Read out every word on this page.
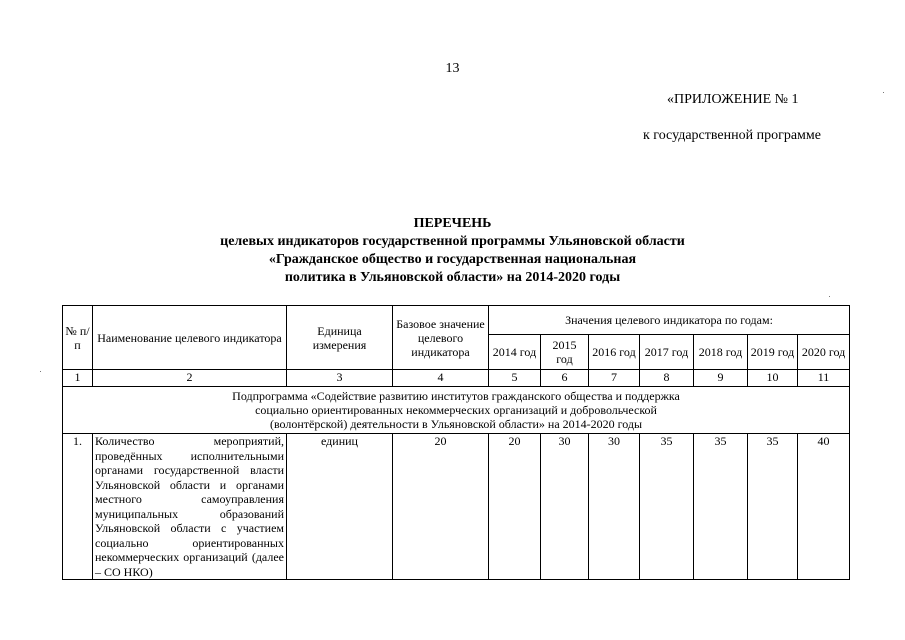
13
«ПРИЛОЖЕНИЕ № 1
к государственной программе
ПЕРЕЧЕНЬ
целевых индикаторов государственной программы Ульяновской области
«Гражданское общество и государственная национальная
политика в Ульяновской области» на 2014-2020 годы
№ п/п	Наименование целевого индикатора	Единица измерения	Базовое значение целевого индикатора	Значения целевого индикатора по годам:						
				2014 год	2015 год	2016 год	2017 год	2018 год	2019 год	2020 год
1	2	3	4	5	6	7	8	9	10	11

Подпрограмма «Содействие развитию институтов гражданского общества и поддержка
социально ориентированных некоммерческих организаций и добровольческой
(волонтёрской) деятельности в Ульяновской области» на 2014-2020 годы										

1.	Количество мероприятий, проведённых исполнительными органами государственной власти Ульяновской области и органами местного самоуправления муниципальных образований Ульяновской области с участием социально ориентированных некоммерческих организаций (далее – СО НКО)	единиц	20	20	30	30	35	35	35	40
